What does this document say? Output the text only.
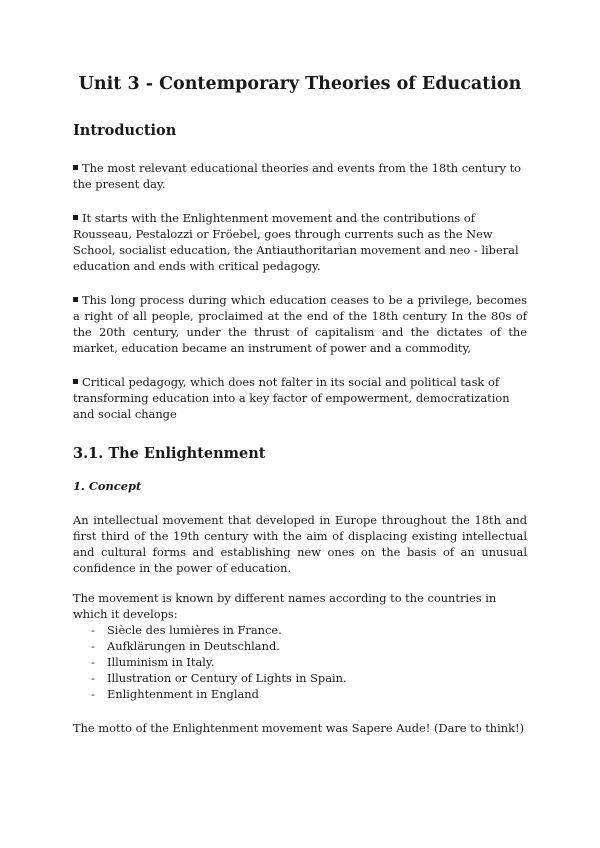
Unit 3 - Contemporary Theories of Education
Introduction

The most relevant educational theories and events from the 18th century to the present day.

It starts with the Enlightenment movement and the contributions of Rousseau, Pestalozzi or Fröebel, goes through currents such as the New School, socialist education, the Antiauthoritarian movement and neo - liberal education and ends with critical pedagogy.

This long process during which education ceases to be a privilege, becomes a right of all people, proclaimed at the end of the 18th century In the 80s of the 20th century, under the thrust of capitalism and the dictates of the market, education became an instrument of power and a commodity,

Critical pedagogy, which does not falter in its social and political task of transforming education into a key factor of empowerment, democratization and social change

3.1. The Enlightenment

1. Concept

An intellectual movement that developed in Europe throughout the 18th and first third of the 19th century with the aim of displacing existing intellectual and cultural forms and establishing new ones on the basis of an unusual confidence in the power of education.

The movement is known by different names according to the countries in which it develops:

- Siècle des lumières in France.
- Aufklärungen in Deutschland.
- Illuminism in Italy.
- Illustration or Century of Lights in Spain.
- Enlightenment in England

The motto of the Enlightenment movement was Sapere Aude! (Dare to think!)
